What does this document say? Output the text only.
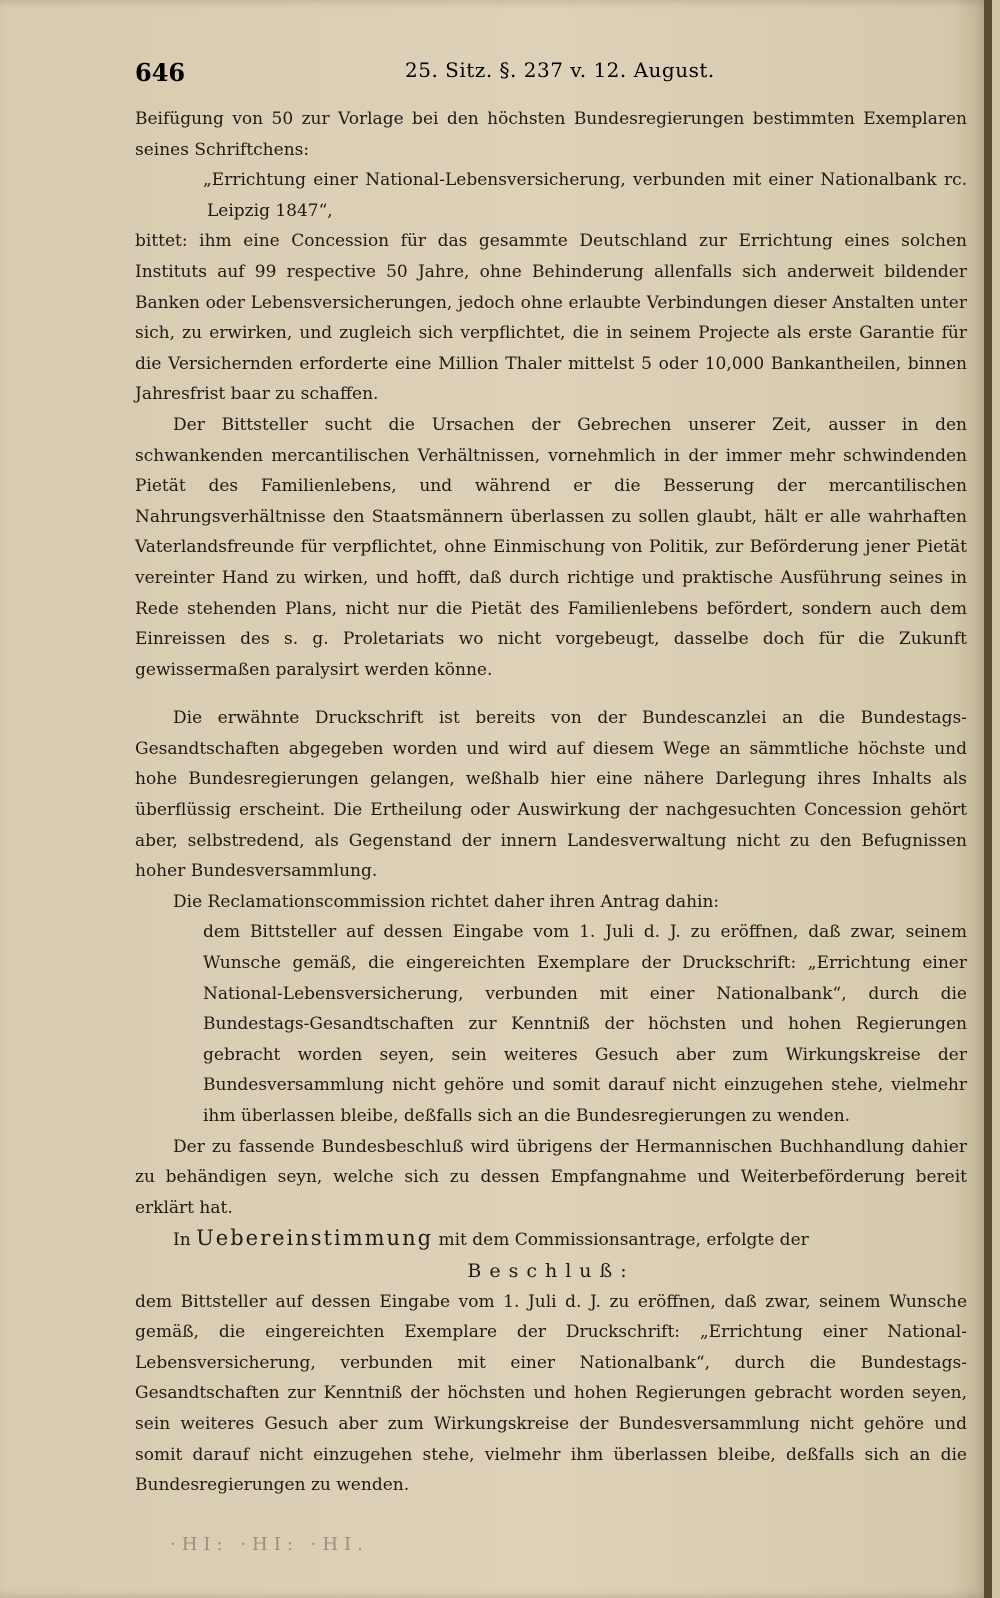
646	25. Sitz. §. 237 v. 12. August.

Beifügung von 50 zur Vorlage bei den höchsten Bundesregierungen bestimmten Exemplaren seines Schriftchens:

„Errichtung einer National-Lebensversicherung, verbunden mit einer Nationalbank rc. Leipzig 1847“,

bittet: ihm eine Concession für das gesammte Deutschland zur Errichtung eines solchen Instituts auf 99 respective 50 Jahre, ohne Behinderung allenfalls sich anderweit bildender Banken oder Lebensversicherungen, jedoch ohne erlaubte Verbindungen dieser Anstalten unter sich, zu erwirken, und zugleich sich verpflichtet, die in seinem Projecte als erste Garantie für die Versichernden erforderte eine Million Thaler mittelst 5 oder 10,000 Bankantheilen, binnen Jahresfrist baar zu schaffen.

Der Bittsteller sucht die Ursachen der Gebrechen unserer Zeit, ausser in den schwankenden mercantilischen Verhältnissen, vornehmlich in der immer mehr schwindenden Pietät des Familienlebens, und während er die Besserung der mercantilischen Nahrungsverhältnisse den Staatsmännern überlassen zu sollen glaubt, hält er alle wahrhaften Vaterlandsfreunde für verpflichtet, ohne Einmischung von Politik, zur Beförderung jener Pietät vereinter Hand zu wirken, und hofft, daß durch richtige und praktische Ausführung seines in Rede stehenden Plans, nicht nur die Pietät des Familienlebens befördert, sondern auch dem Einreissen des s. g. Proletariats wo nicht vorgebeugt, dasselbe doch für die Zukunft gewissermaßen paralysirt werden könne.

Die erwähnte Druckschrift ist bereits von der Bundescanzlei an die Bundestags-Gesandtschaften abgegeben worden und wird auf diesem Wege an sämmtliche höchste und hohe Bundesregierungen gelangen, weßhalb hier eine nähere Darlegung ihres Inhalts als überflüssig erscheint. Die Ertheilung oder Auswirkung der nachgesuchten Concession gehört aber, selbstredend, als Gegenstand der innern Landesverwaltung nicht zu den Befugnissen hoher Bundesversammlung.

Die Reclamationscommission richtet daher ihren Antrag dahin:

dem Bittsteller auf dessen Eingabe vom 1. Juli d. J. zu eröffnen, daß zwar, seinem Wunsche gemäß, die eingereichten Exemplare der Druckschrift: „Errichtung einer National-Lebensversicherung, verbunden mit einer Nationalbank“, durch die Bundestags-Gesandtschaften zur Kenntniß der höchsten und hohen Regierungen gebracht worden seyen, sein weiteres Gesuch aber zum Wirkungskreise der Bundesversammlung nicht gehöre und somit darauf nicht einzugehen stehe, vielmehr ihm überlassen bleibe, deßfalls sich an die Bundesregierungen zu wenden.

Der zu fassende Bundesbeschluß wird übrigens der Hermannischen Buchhandlung dahier zu behändigen seyn, welche sich zu dessen Empfangnahme und Weiterbeförderung bereit erklärt hat.

In Uebereinstimmung mit dem Commissionsantrage, erfolgte der

Beschluß:

dem Bittsteller auf dessen Eingabe vom 1. Juli d. J. zu eröffnen, daß zwar, seinem Wunsche gemäß, die eingereichten Exemplare der Druckschrift: „Errichtung einer National-Lebensversicherung, verbunden mit einer Nationalbank“, durch die Bundestags-Gesandtschaften zur Kenntniß der höchsten und hohen Regierungen gebracht worden seyen, sein weiteres Gesuch aber zum Wirkungskreise der Bundesversammlung nicht gehöre und somit darauf nicht einzugehen stehe, vielmehr ihm überlassen bleibe, deßfalls sich an die Bundesregierungen zu wenden.

·HI: ·HI: ·HI.
